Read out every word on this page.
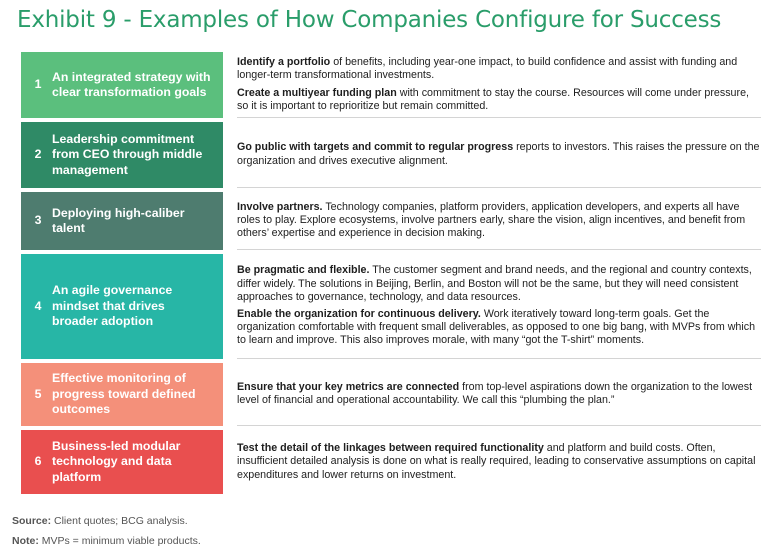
Exhibit 9 - Examples of How Companies Configure for Success
1
An integrated strategy with clear transformation goals

Identify a portfolio of benefits, including year-one impact, to build confidence and assist with funding and longer-term transformational investments.

Create a multiyear funding plan with commitment to stay the course. Resources will come under pressure, so it is important to reprioritize but remain committed.

2
Leadership commitment from CEO through middle management

Go public with targets and commit to regular progress reports to investors. This raises the pressure on the organization and drives executive alignment.

3
Deploying high-caliber talent

Involve partners. Technology companies, platform providers, application developers, and experts all have roles to play. Explore ecosystems, involve partners early, share the vision, align incentives, and benefit from others’ expertise and experience in decision making.

4
An agile governance mindset that drives broader adoption

Be pragmatic and flexible. The customer segment and brand needs, and the regional and country contexts, differ widely. The solutions in Beijing, Berlin, and Boston will not be the same, but they will need consistent approaches to governance, technology, and data resources.

Enable the organization for continuous delivery. Work iteratively toward long-term goals. Get the organization comfortable with frequent small deliverables, as opposed to one big bang, with MVPs from which to learn and improve. This also improves morale, with many “got the T-shirt” moments.

5
Effective monitoring of progress toward defined outcomes

Ensure that your key metrics are connected from top-level aspirations down the organization to the lowest level of financial and operational accountability. We call this “plumbing the plan.”

6
Business-led modular technology and data platform

Test the detail of the linkages between required functionality and platform and build costs. Often, insufficient detailed analysis is done on what is really required, leading to conservative assumptions on capital expenditures and lower returns on investment.

Source: Client quotes; BCG analysis.
Note: MVPs = minimum viable products.
